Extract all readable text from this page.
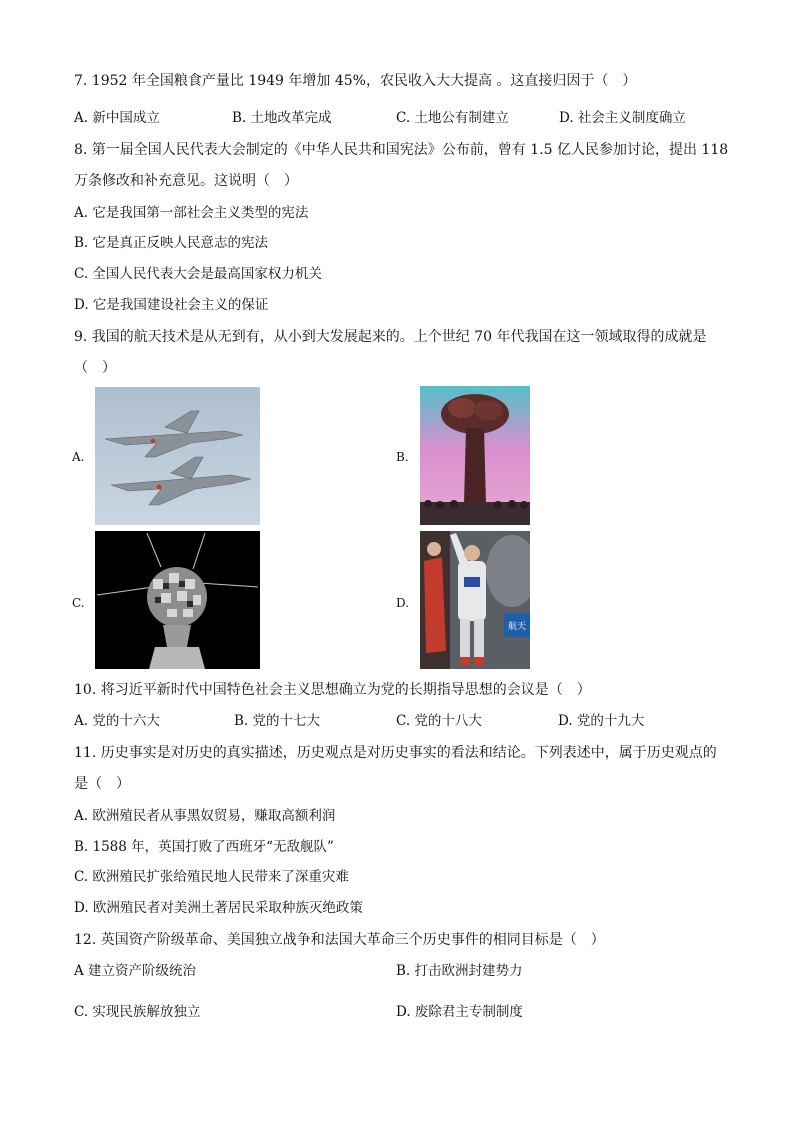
7. 1952 年全国粮食产量比 1949 年增加 45%，农民收入大大提高 。这直接归因于（　）
A. 新中国成立	B. 土地改革完成	C. 土地公有制建立	D. 社会主义制度确立
8. 第一届全国人民代表大会制定的《中华人民共和国宪法》公布前，曾有 1.5 亿人民参加讨论，提出 118
万条修改和补充意见。这说明（　）
A. 它是我国第一部社会主义类型的宪法
B. 它是真正反映人民意志的宪法
C. 全国人民代表大会是最高国家权力机关
D. 它是我国建设社会主义的保证
9. 我国的航天技术是从无到有，从小到大发展起来的。上个世纪 70 年代我国在这一领域取得的成就是
（　）
A.	B.
C.	D.
航天
10. 将习近平新时代中国特色社会主义思想确立为党的长期指导思想的会议是（　）
A. 党的十六大	B. 党的十七大	C. 党的十八大	D. 党的十九大
11. 历史事实是对历史的真实描述，历史观点是对历史事实的看法和结论。下列表述中，属于历史观点的
是（　）
A. 欧洲殖民者从事黑奴贸易，赚取高额利润
B. 1588 年，英国打败了西班牙“无敌舰队”
C. 欧洲殖民扩张给殖民地人民带来了深重灾难
D. 欧洲殖民者对美洲土著居民采取种族灭绝政策
12. 英国资产阶级革命、美国独立战争和法国大革命三个历史事件的相同目标是（　）
A 建立资产阶级统治	B. 打击欧洲封建势力
C. 实现民族解放独立	D. 废除君主专制制度
